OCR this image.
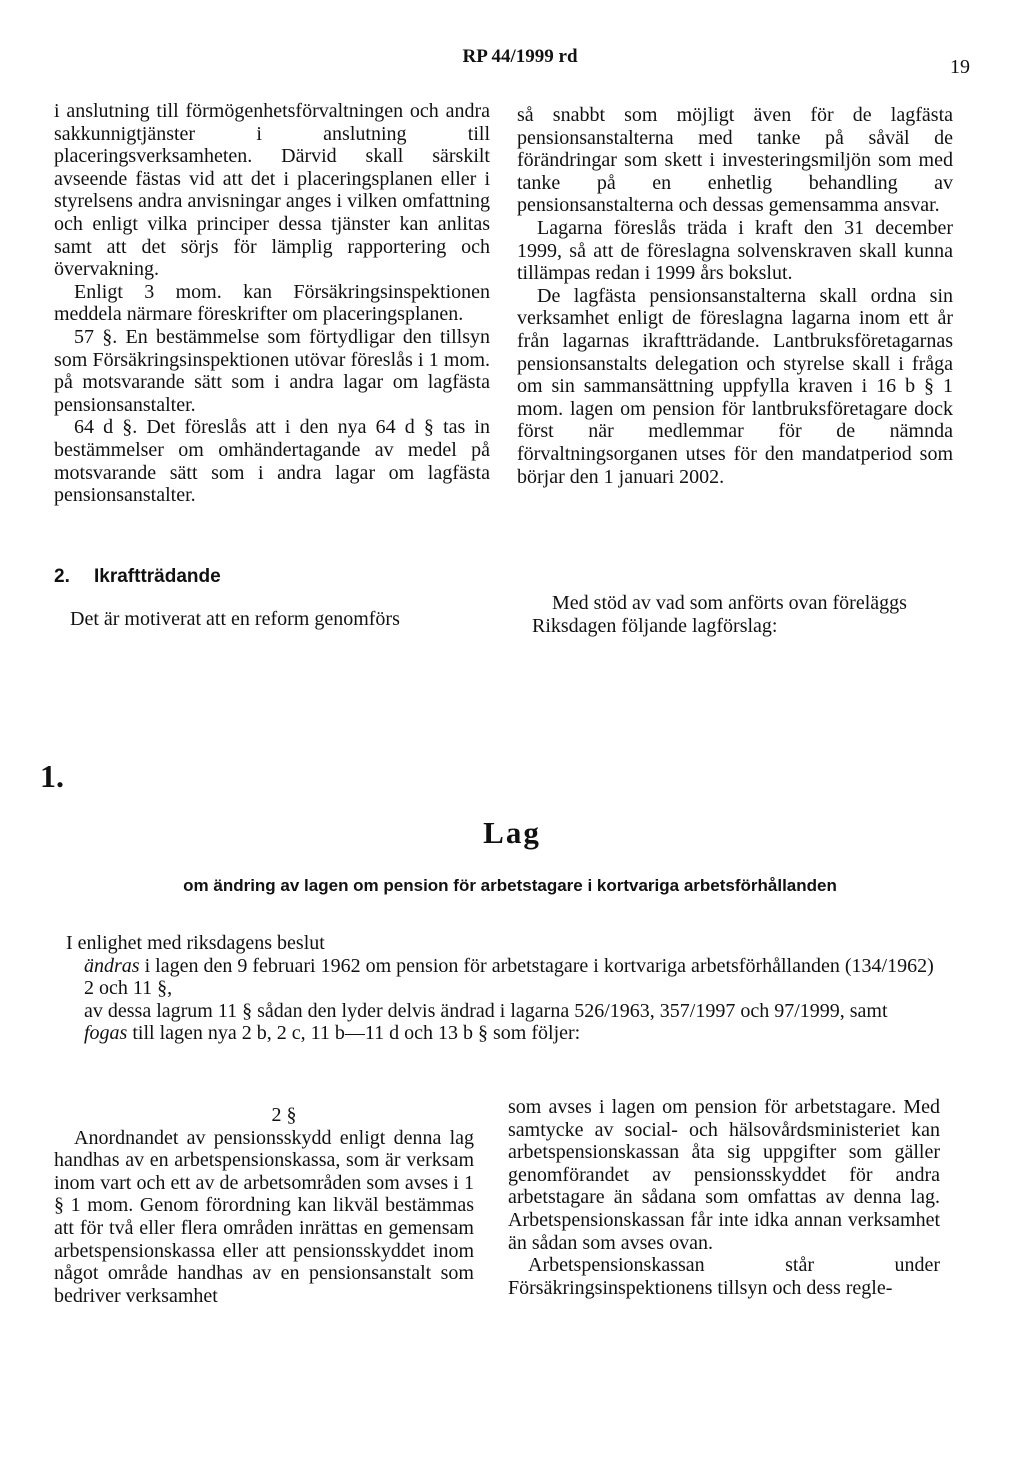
RP 44/1999 rd	19

i anslutning till förmögenhetsförvaltningen och andra sakkunnigtjänster i anslutning till placeringsverksamheten. Därvid skall särskilt avseende fästas vid att det i placeringsplanen eller i styrelsens andra anvisningar anges i vilken omfattning och enligt vilka principer dessa tjänster kan anlitas samt att det sörjs för lämplig rapportering och övervakning.

Enligt 3 mom. kan Försäkringsinspektionen meddela närmare föreskrifter om placeringsplanen.

57 §. En bestämmelse som förtydligar den tillsyn som Försäkringsinspektionen utövar föreslås i 1 mom. på motsvarande sätt som i andra lagar om lagfästa pensionsanstalter.

64 d §. Det föreslås att i den nya 64 d § tas in bestämmelser om omhändertagande av medel på motsvarande sätt som i andra lagar om lagfästa pensionsanstalter.

2. Ikraftträdande
Det är motiverat att en reform genomförs

så snabbt som möjligt även för de lagfästa pensionsanstalterna med tanke på såväl de förändringar som skett i investeringsmiljön som med tanke på en enhetlig behandling av pensionsanstalterna och dessas gemensamma ansvar.

Lagarna föreslås träda i kraft den 31 december 1999, så att de föreslagna solvenskraven skall kunna tillämpas redan i 1999 års bokslut.

De lagfästa pensionsanstalterna skall ordna sin verksamhet enligt de föreslagna lagarna inom ett år från lagarnas ikraftträdande. Lantbruksföretagarnas pensionsanstalts delegation och styrelse skall i fråga om sin sammansättning uppfylla kraven i 16 b § 1 mom. lagen om pension för lantbruksföretagare dock först när medlemmar för de nämnda förvaltningsorganen utses för den mandatperiod som börjar den 1 januari 2002.

Med stöd av vad som anförts ovan föreläggs Riksdagen följande lagförslag:
1.
Lag
om ändring av lagen om pension för arbetstagare i kortvariga arbetsförhållanden

I enlighet med riksdagens beslut

ändras i lagen den 9 februari 1962 om pension för arbetstagare i kortvariga arbetsförhållanden (134/1962) 2 och 11 §,

av dessa lagrum 11 § sådan den lyder delvis ändrad i lagarna 526/1963, 357/1997 och 97/1999, samt

fogas till lagen nya 2 b, 2 c, 11 b—11 d och 13 b § som följer:

2 §

Anordnandet av pensionsskydd enligt denna lag handhas av en arbetspensionskassa, som är verksam inom vart och ett av de arbetsområden som avses i 1 § 1 mom. Genom förordning kan likväl bestämmas att för två eller flera områden inrättas en gemensam arbetspensionskassa eller att pensionsskyddet inom något område handhas av en pensionsanstalt som bedriver verksamhet

som avses i lagen om pension för arbetstagare. Med samtycke av social- och hälsovårdsministeriet kan arbetspensionskassan åta sig uppgifter som gäller genomförandet av pensionsskyddet för andra arbetstagare än sådana som omfattas av denna lag. Arbetspensionskassan får inte idka annan verksamhet än sådan som avses ovan.

Arbetspensionskassan står under Försäkringsinspektionens tillsyn och dess regle-
